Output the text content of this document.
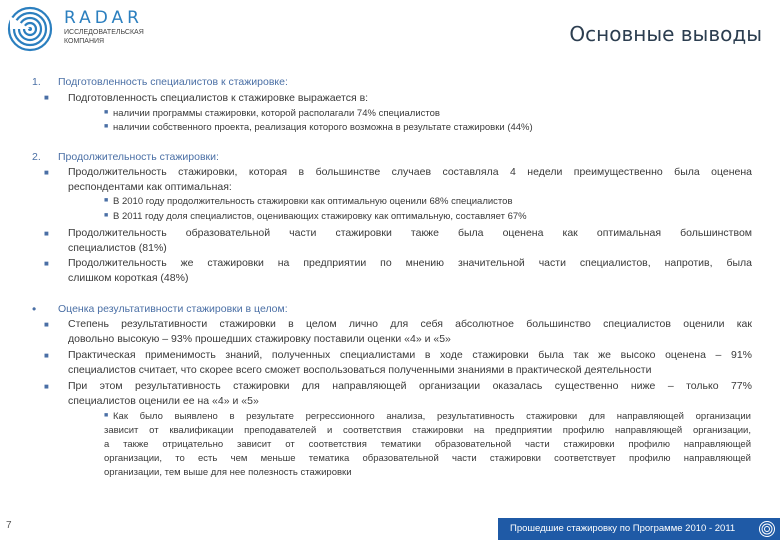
RADAR
ИССЛЕДОВАТЕЛЬСКАЯ КОМПАНИЯ	Основные выводы
1. Подготовленность специалистов к стажировке:
■ Подготовленность специалистов к стажировке выражается в:
■ наличии программы стажировки, которой располагали 74% специалистов
■ наличии собственного проекта, реализация которого возможна в результате стажировки (44%)
2. Продолжительность стажировки:
■ Продолжительность стажировки, которая в большинстве случаев составляла 4 недели преимущественно была оценена
респондентами как оптимальная:
■ В 2010 году продолжительность стажировки как оптимальную оценили 68% специалистов
■ В 2011 году доля специалистов, оценивающих стажировку как оптимальную, составляет 67%
■ Продолжительность образовательной части стажировки также была оценена как оптимальная большинством
специалистов (81%)
■ Продолжительность же стажировки на предприятии по мнению значительной части специалистов, напротив, была
слишком короткая (48%)
• Оценка результативности стажировки в целом:
■ Степень результативности стажировки в целом лично для себя абсолютное большинство специалистов оценили как
довольно высокую – 93% прошедших стажировку поставили оценки «4» и «5»
■ Практическая применимость знаний, полученных специалистами в ходе стажировки была так же высоко оценена – 91%
специалистов считает, что скорее всего сможет воспользоваться полученными знаниями в практической деятельности
■ При этом результативность стажировки для направляющей организации оказалась существенно ниже – только 77%
специалистов оценили ее на «4» и «5»
■ Как было выявлено в результате регрессионного анализа, результативность стажировки для направляющей организации
зависит от квалификации преподавателей и соответствия стажировки на предприятии профилю направляющей организации,
а также отрицательно зависит от соответствия тематики образовательной части стажировки профилю направляющей
организации, то есть чем меньше тематика образовательной части стажировки соответствует профилю направляющей
организации, тем выше для нее полезность стажировки
7	Прошедшие стажировку по Программе 2010 - 2011
